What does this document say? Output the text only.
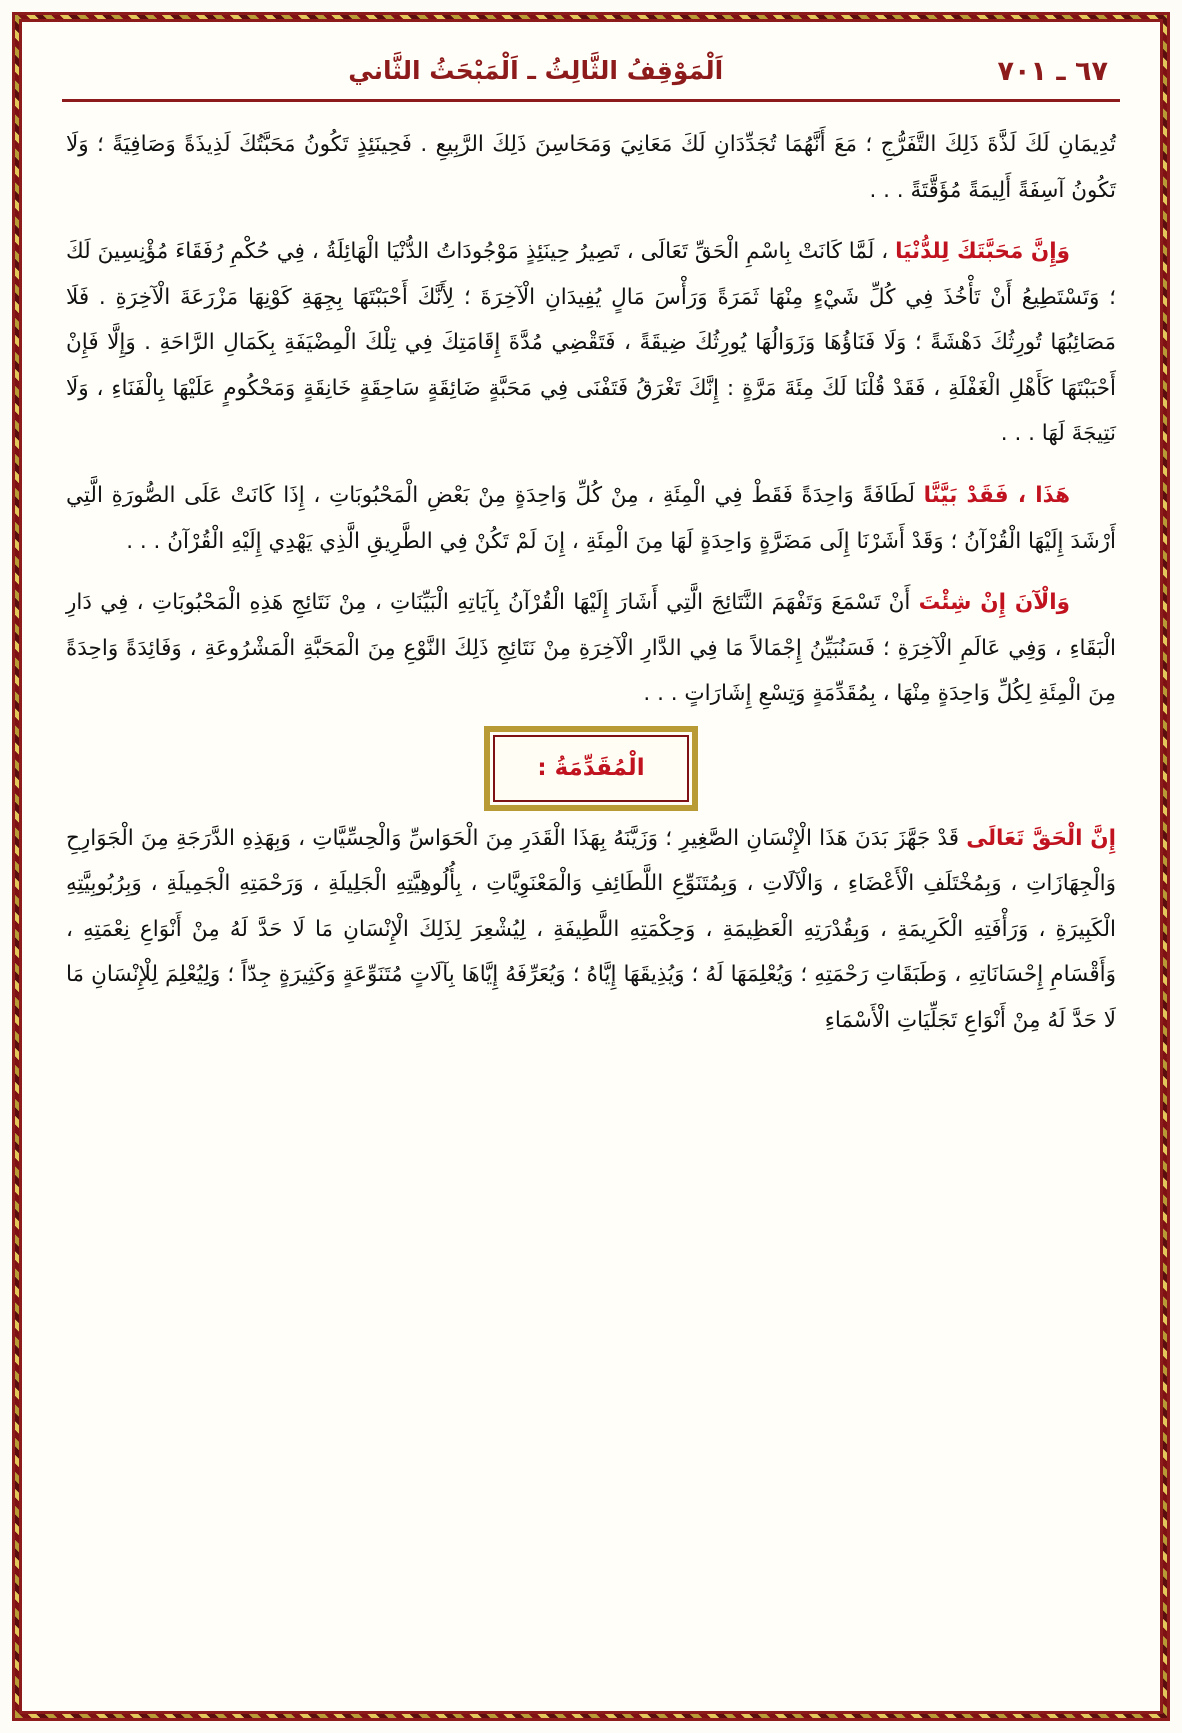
٦٧ ـ ٧٠١
اَلْمَوْقِفُ الثَّالِثُ ـ اَلْمَبْحَثُ الثَّاني

تُدِيمَانِ لَكَ لَذَّةَ ذَلِكَ التَّفَرُّجِ ؛ مَعَ أَنَّهُمَا تُجَدِّدَانِ لَكَ مَعَانِيَ وَمَحَاسِنَ ذَلِكَ الرَّبِيعِ . فَحِينَئِذٍ تَكُونُ مَحَبَّتُكَ لَذِيذَةً وَصَافِيَةً ؛ وَلَا تَكُونُ آسِفَةً أَلِيمَةً مُؤَقَّتَةً . . .

وَإِنَّ مَحَبَّتَكَ لِلدُّنْيَا ، لَمَّا كَانَتْ بِاسْمِ الْحَقِّ تَعَالَى ، تَصِيرُ حِينَئِذٍ مَوْجُودَاتُ الدُّنْيَا الْهَائِلَةُ ، فِي حُكْمِ رُفَقَاءَ مُؤْنِسِينَ لَكَ ؛ وَتَسْتَطِيعُ أَنْ تَأْخُذَ فِي كُلِّ شَيْءٍ مِنْهَا ثَمَرَةً وَرَأْسَ مَالٍ يُفِيدَانِ الْآخِرَةَ ؛ لِأَنَّكَ أَحْبَبْتَهَا بِجِهَةِ كَوْنِهَا مَزْرَعَةَ الْآخِرَةِ . فَلَا مَصَائِبُهَا تُورِثُكَ دَهْشَةً ؛ وَلَا فَنَاؤُهَا وَزَوَالُهَا يُورِثُكَ ضِيقَةً ، فَتَقْضِي مُدَّةَ إِقَامَتِكَ فِي تِلْكَ الْمِضْيَفَةِ بِكَمَالِ الرَّاحَةِ . وَإِلَّا فَإِنْ أَحْبَبْتَهَا كَأَهْلِ الْغَفْلَةِ ، فَقَدْ قُلْنَا لَكَ مِئَةَ مَرَّةٍ : إِنَّكَ تَغْرَقُ فَتَفْنَى فِي مَحَبَّةٍ ضَائِقَةٍ سَاحِقَةٍ خَانِقَةٍ وَمَحْكُومٍ عَلَيْهَا بِالْفَنَاءِ ، وَلَا نَتِيجَةَ لَهَا . . .

هَذَا ، فَقَدْ بَيَّنَّا لَطَافَةً وَاحِدَةً فَقَطْ فِي الْمِئَةِ ، مِنْ كُلِّ وَاحِدَةٍ مِنْ بَعْضِ الْمَحْبُوبَاتِ ، إِذَا كَانَتْ عَلَى الصُّورَةِ الَّتِي أَرْشَدَ إِلَيْهَا الْقُرْآنُ ؛ وَقَدْ أَشَرْنَا إِلَى مَضَرَّةٍ وَاحِدَةٍ لَهَا مِنَ الْمِئَةِ ، إِنَ لَمْ تَكُنْ فِي الطَّرِيقِ الَّذِي يَهْدِي إِلَيْهِ الْقُرْآنُ . . .

وَالْآنَ إِنْ شِئْتَ أَنْ تَسْمَعَ وَتَفْهَمَ النَّتَائِجَ الَّتِي أَشَارَ إِلَيْهَا الْقُرْآنُ بِآيَاتِهِ الْبَيِّنَاتِ ، مِنْ نَتَائِجِ هَذِهِ الْمَحْبُوبَاتِ ، فِي دَارِ الْبَقَاءِ ، وَفِي عَالَمِ الْآخِرَةِ ؛ فَسَنُبَيِّنُ إِجْمَالاً مَا فِي الدَّارِ الْآخِرَةِ مِنْ نَتَائِجِ ذَلِكَ النَّوْعِ مِنَ الْمَحَبَّةِ الْمَشْرُوعَةِ ، وَفَائِدَةً وَاحِدَةً مِنَ الْمِئَةِ لِكُلِّ وَاحِدَةٍ مِنْهَا ، بِمُقَدِّمَةٍ وَتِسْعِ إِشَارَاتٍ . . .

الْمُقَدِّمَةُ :

إِنَّ الْحَقَّ تَعَالَى قَدْ جَهَّزَ بَدَنَ هَذَا الْإِنْسَانِ الصَّغِيرِ ؛ وَزَيَّنَهُ بِهَذَا الْقَدَرِ مِنَ الْحَوَاسِّ وَالْحِسِّيَّاتِ ، وَبِهَذِهِ الدَّرَجَةِ مِنَ الْجَوَارِحِ وَالْجِهَازَاتِ ، وَبِمُخْتَلَفِ الْأَعْضَاءِ ، وَالْآلَاتِ ، وَبِمُتَنَوِّعِ اللَّطَائِفِ وَالْمَعْنَوِيَّاتِ ، بِأُلُوهِيَّتِهِ الْجَلِيلَةِ ، وَرَحْمَتِهِ الْجَمِيلَةِ ، وَبِرُبُوبِيَّتِهِ الْكَبِيرَةِ ، وَرَأْفَتِهِ الْكَرِيمَةِ ، وَبِقُدْرَتِهِ الْعَظِيمَةِ ، وَحِكْمَتِهِ اللَّطِيفَةِ ، لِيُشْعِرَ لِذَلِكَ الْإِنْسَانِ مَا لَا حَدَّ لَهُ مِنْ أَنْوَاعِ نِعْمَتِهِ ، وَأَقْسَامِ إِحْسَانَاتِهِ ، وَطَبَقَاتِ رَحْمَتِهِ ؛ وَيُعْلِمَهَا لَهُ ؛ وَيُذِيقَهَا إِيَّاهُ ؛ وَيُعَرِّفَهُ إِيَّاهَا بِآلَاتٍ مُتَنَوِّعَةٍ وَكَثِيرَةٍ جِدّاً ؛ وَلِيُعْلِمَ لِلْإِنْسَانِ مَا لَا حَدَّ لَهُ مِنْ أَنْوَاعِ تَجَلِّيَاتِ الْأَسْمَاءِ
